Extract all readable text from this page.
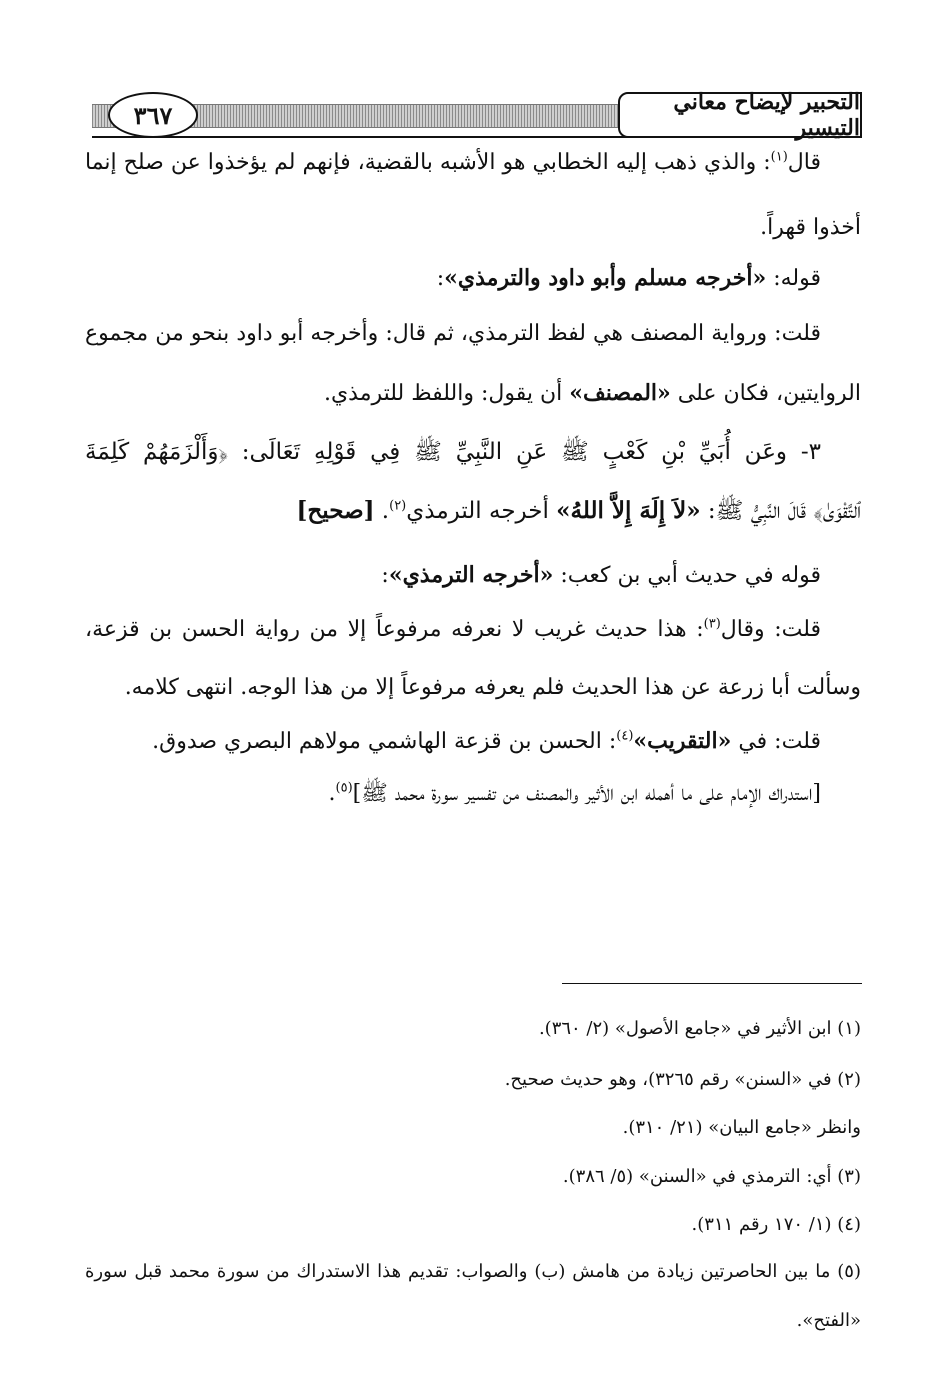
٣٦٧	التحبير لإيضاح معاني التيسير
قال$^{(١)}$: والذي ذهب إليه الخطابي هو الأشبه بالقضية، فإنهم لم يؤخذوا عن صلح إنما
أخذوا قهراً.
قوله: «أخرجه مسلم وأبو داود والترمذي»:
قلت: ورواية المصنف هي لفظ الترمذي، ثم قال: وأخرجه أبو داود بنحو من مجموع
الروايتين، فكان على «المصنف» أن يقول: واللفظ للترمذي.
٣- وعَن أُبَيِّ بْنِ كَعْبٍ ﷺ عَنِ النَّبِيِّ ﷺ فِي قَوْلِهِ تَعَالَى: ﴿وَأَلْزَمَهُمْ كَلِمَةَ
ٱلتَّقْوَىٰ﴾ قَالَ النَّبِيُّ ﷺ: «لاَ إِلَهَ إِلاَّ اللهُ» أخرجه الترمذي$^{(٢)}$. [صحيح]
قوله في حديث أبي بن كعب: «أخرجه الترمذي»:
قلت: وقال$^{(٣)}$: هذا حديث غريب لا نعرفه مرفوعاً إلا من رواية الحسن بن قزعة،
وسألت أبا زرعة عن هذا الحديث فلم يعرفه مرفوعاً إلا من هذا الوجه. انتهى كلامه.
قلت: في «التقريب»$^{(٤)}$: الحسن بن قزعة الهاشمي مولاهم البصري صدوق.
[استدراك الإمام على ما أهمله ابن الأثير والمصنف من تفسير سورة محمد ﷺ]$^{(٥)}$.
(١) ابن الأثير في «جامع الأصول» (٢/ ٣٦٠).
(٢) في «السنن» رقم ٣٢٦٥)، وهو حديث صحيح.
وانظر «جامع البيان» (٢١/ ٣١٠).
(٣) أي: الترمذي في «السنن» (٥/ ٣٨٦).
(٤) (١/ ١٧٠ رقم ٣١١).
(٥) ما بين الحاصرتين زيادة من هامش (ب) والصواب: تقديم هذا الاستدراك من سورة محمد قبل سورة
«الفتح».
